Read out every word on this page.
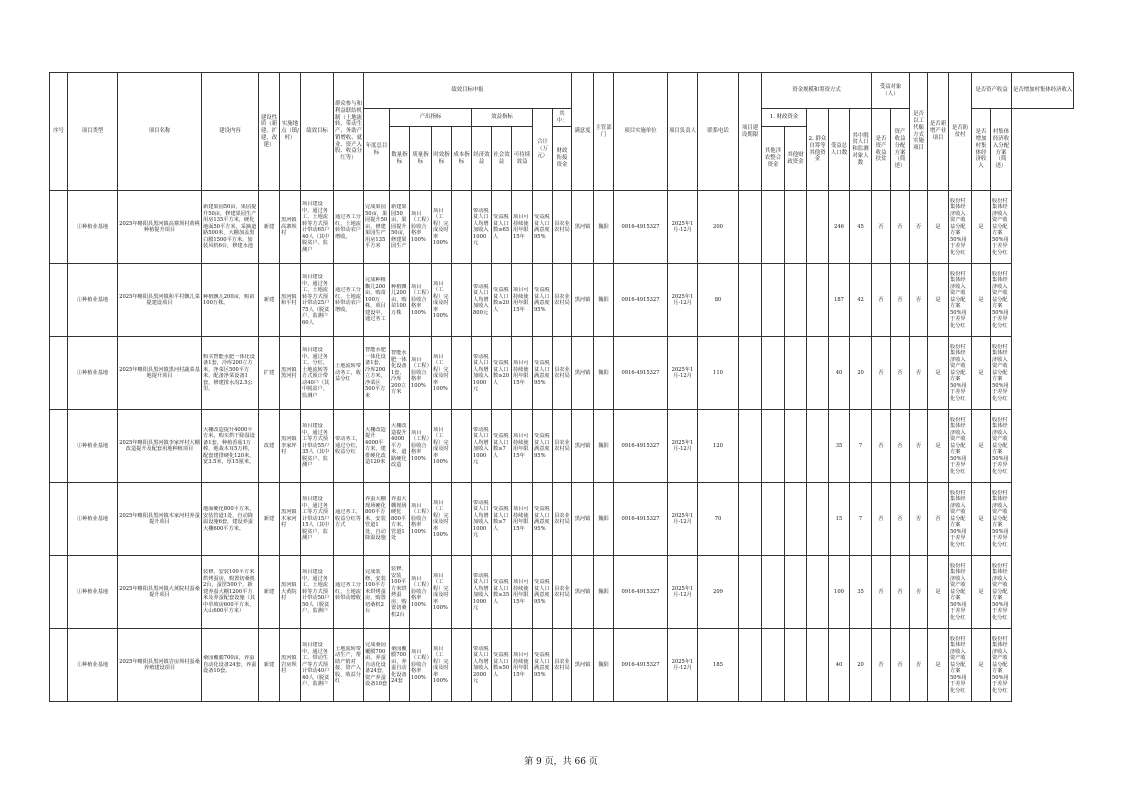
序号	项目类型	项目名称	建设内容	建设性质（新建、扩建、改建）	实施地点（镇/村）	绩效目标	群众参与和利益联结机制（土地流转、带动生产、务助产销增收、就业、资产入股、收益分红等）	绩效目标申报										满意度	主管部门	项目实施单位	项目负责人	联系电话	项目建设期限	资金规模和筹资方式					受益对象（人）		是否以工代赈方式实施项目	是否新增产业项目	是否防贫村	是否资产收益		是否增加村集体经济收入
								年度总目标	产出指标				效益指标			合计（万元）	其中：							1. 财政资金		2. 群众自筹等其他资金	受益总人口数	其中脱贫人口和监测对象人数	是否资产收益扶贫	资产收益分配方案（简述）				是否增加村集体经济收入	村集体经济收入分配方案（简述）	
									数量指标	质量指标	时效指标	成本指标	经济效益	社会效益	可持续效益		财政衔接资金							其他涉农整合资金	其他财政资金											

	①种植业基地	2025年略阳县黑河镇高寨坝村黄桃种植提升项目	新建果园50亩，果园提升50亩，修建果园生产用房135平方米，硬化地面50平方米，采摘道路500米，大棚加盖黑白膜1500平方米，加装风机6台，修建水池	新建	黑河镇高寨坝村	项目建设中，通过务工、土地流转等方式预计带动65户40人（其中脱贫户、监测户	通过务工分红，土地流转带动农户增收。	完成果园50亩，果园提升50亩，修建果园生产用房135平方米	新建果园50亩，果园提升50亩，修建果园生产	项目（工程）验收合格率100%	项目（工程）完成及时率100%		带动脱贫人口人均增加收入1000元	受益脱贫人口数≥65人	项目可持续使用年限15年	受益脱贫人口满意度95%	县农业农村局	黑河镇	魏阳	0916-4915327	2025年1月-12月	200					246	45	否	否	否	是	股份村集体经济收入资产收益分配方案50%用于差异化分红	是	股份村集体经济收入资产收益分配方案50%用于差异化分红	

	①种植业基地	2025年略阳县黑河镇和平村飘儿菜提建设项目	种植飘儿200亩，购苗100万株。	新建	黑河镇和平村	项目建设中，通过务工、土地流转等方式预计带动25户75人（脱贫户、监测户60人	通过务工分红，土地流转带动农户增收。	完成种植飘儿200亩，购苗100万株，项目建设中，通过务工	种植飘儿200亩，购苗100万株	项目（工程）验收合格率100%	项目（工程）完成及时率100%		带动脱贫人口人均增加收入800元	受益脱贫人口数≥20人	项目可持续使用年限15年	受益脱贫人口满意度95%	县农业农村局	黑河镇	魏阳	0916-4915327	2025年1月-12月	80					187	42	否	否	否	是	股份村集体经济收入资产收益分配方案50%用于差异化分红	是	股份村集体经济收入资产收益分配方案50%用于差异化分红	

	①种植业基地	2025年略阳县黑河镇黑河村蔬菜基地提升项目	购买智能水肥一体化设备1套，冷库200立方米，净菜区500平方米，配备净菜设备1套，修建排水沟2.5公里。	扩建	黑河镇黑河村	项目建设中，通过务工、分红、土地流转等方式预计带动40户（其中脱贫户、监测户	土地流转带动务工，收益分红	智能水肥一体化设备1套，冷库200立方米，净菜区500平方米	智能水肥一体化设备1套，冷库200立方米	项目（工程）验收合格率100%	项目（工程）完成及时率100%		带动脱贫人口人均增加收入1000元	受益脱贫人口数≥20人	项目可持续使用年限15年	受益脱贫人口满意度95%	县农业农村局	黑河镇	魏阳	0916-4915327	2025年1月-12月	110					40	20	否	否	否	是	股份村集体经济收入资产收益分配方案50%用于差异化分红	是	股份村集体经济收入资产收益分配方案50%用于差异化分红	

	①种植业基地	2025年略阳县黑河镇李家坪村大棚改造提升及配套用地种植项目	大棚改造提升4000平方米，购买烘干除湿设备1套，种植香菇1万棒，地栽木耳5万棒，配套建排硬化120米，宽3.5米，厚15厘米。	改建	黑河镇李家坪村	项目建设中，通过务工等方式预计带动55户35人（其中脱贫户、监测户	带动务工，通过分红，收益分红	大棚改造提升4000平方米，建排硬化改造120米	大棚改造提升4000平方米，道路硬化改造	项目（工程）验收合格率100%	项目（工程）完成及时率100%		带动脱贫人口人均增加收入1000元	受益脱贫人口数≥7人	项目可持续使用年限15年	受益脱贫人口满意度95%	县农业农村局	黑河镇	魏阳	0916-4915327	2025年1月-12月	120					35	7	否	否	否	是	股份村集体经济收入资产收益分配方案50%用于差异化分红	是	股份村集体经济收入资产收益分配方案50%用于差异化分红	

	①种植业基地	2025年略阳县黑河镇木家河村养蚕提升项目	地面硬化800平方米，安装管道1处，自动降温设施6套，建设养蚕大棚600平方米。	新建	黑河镇木家河村	项目建设中，通过务工等方式预计带动15户15人（其中脱贫户、监测户	通过务工，收益分红等方式	养蚕大棚现场硬化800平方米，安装管道1处，自动降温设施	养蚕大棚现场硬化800平方米，管道1处	项目（工程）验收合格率100%	项目（工程）完成及时率100%		带动脱贫人口人均增加收入1000元	受益脱贫人口数≥7人	项目可持续使用年限15年	受益脱贫人口满意度95%	县农业农村局	黑河镇	魏阳	0916-4915327	2025年1月-12月	70					15	7	否	否	否	否	股份村集体经济收入资产收益分配方案50%用于差异化分红	是	股份村集体经济收入资产收益分配方案50%用于差异化分红	

	①种植业基地	2025年略阳县黑河镇大黄院村蚕桑提升项目	装修、安装100平方米烘烤蚕房，购置切桑机2台，蚕筐500个，新建养蚕大棚1200平方米及养蚕配套设施（其中草坡房600平方米，大山600平方米）	新建	黑河镇大黄院村	项目建设中，通过务工、土地流转等方式预计带动50户50人（脱贫户、监测户	通过务工分红，土地流转带动增收	完成装修、安装100平方米烘烤蚕房，购置切桑机2台	装修、安装100平方米烘烤蚕房，购置切桑机2台	项目（工程）验收合格率100%	项目（工程）完成及时率100%		带动脱贫人口人均增加收入1000元	受益脱贫人口数≥35人	项目可持续使用年限15年	受益脱贫人口满意度95%	县农业农村局	黑河镇	魏阳	0916-4915327	2025年1月-12月	209					100	35	否	否	否	是	股份村集体经济收入资产收益分配方案50%用于差异化分红	是	股份村集体经济收入资产收益分配方案50%用于差异化分红	

	①种植业基地	2025年略阳县黑河镇岩房坝村蚕桑养殖建设项目	桑园覆膜700亩，养蚕自动化设备24套，养蚕设备10套。	新建	黑河镇岩房坝村	项目建设中，通过务工、带动生产等方式预计带动40户40人（脱贫户、监测户	土地流转带动生产，帮助产销对接，资产入股，收益分红	完成桑园覆膜700亩，养蚕自动化设备24套，资产养蚕设备10套	桑园覆膜700亩，养蚕自动化设备24套	项目（工程）验收合格率100%	项目（工程）完成及时率100%		带动脱贫人口人均增加收入2000元	受益脱贫人口数≥50人	项目可持续使用年限15年	受益脱贫人口满意度95%	县农业农村局	黑河镇	魏阳	0916-4915327	2025年1月-12月	185					40	20	否	否	否	是	股份村集体经济收入资产收益分配方案50%用于差异化分红	是	股份村集体经济收入资产收益分配方案50%用于差异化分红	
第 9 页，共 66 页
